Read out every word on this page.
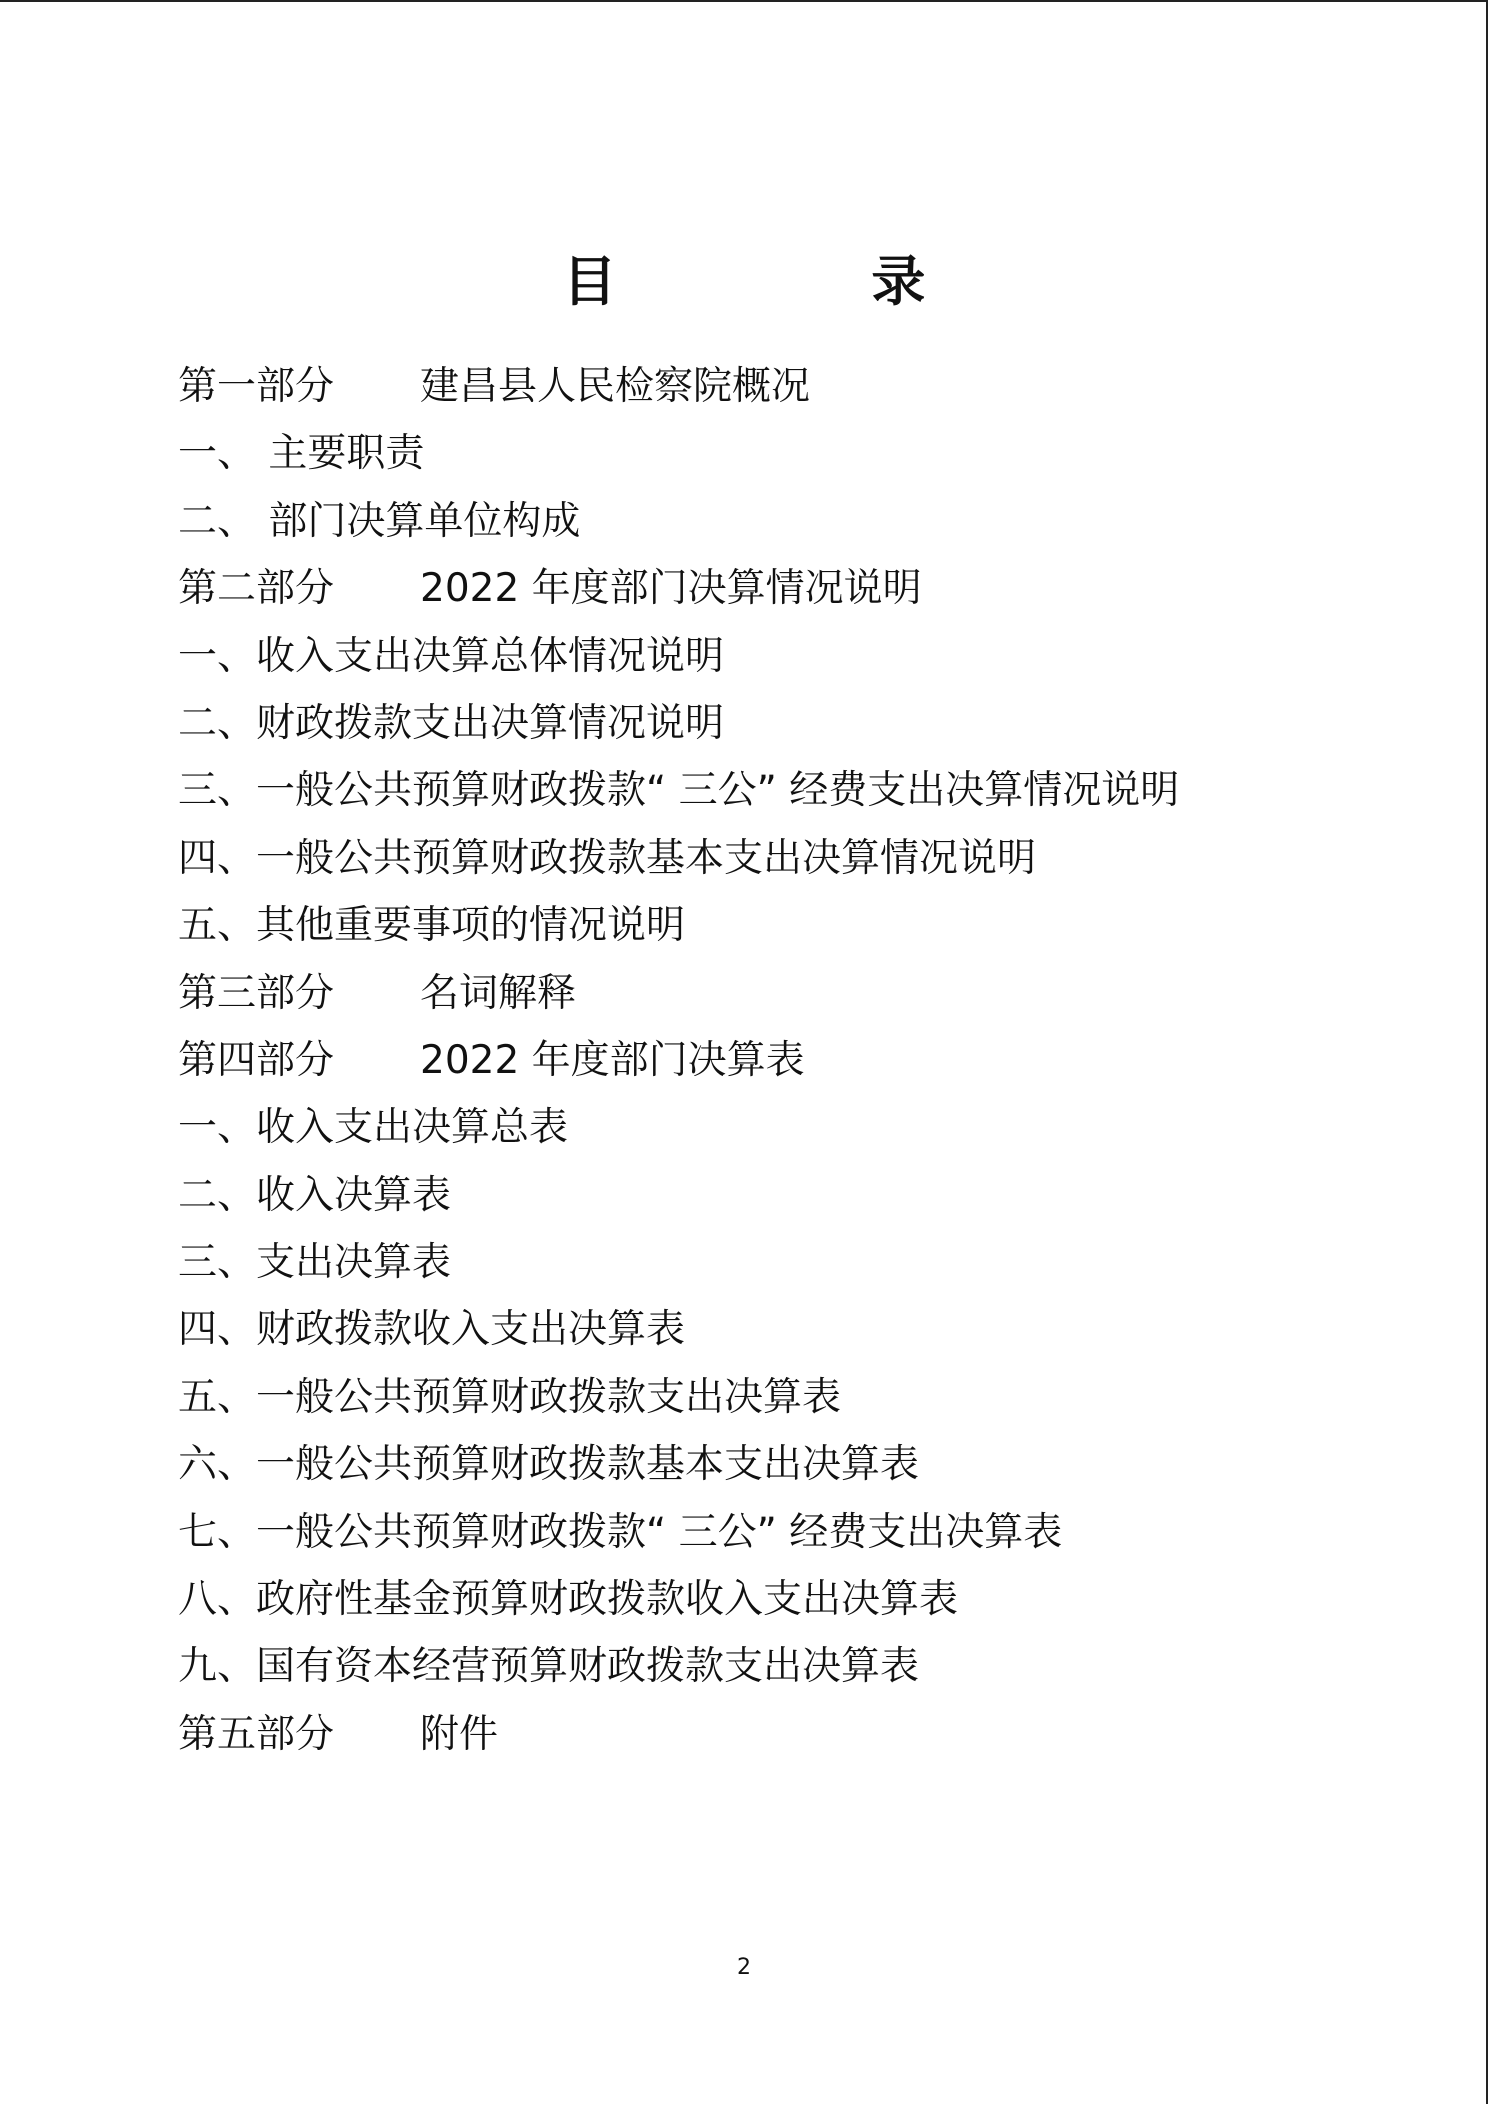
目 录
第一部分	建昌县人民检察院概况
一、 主要职责
二、 部门决算单位构成
第二部分	2022 年度部门决算情况说明
一、收入支出决算总体情况说明
二、财政拨款支出决算情况说明
三、一般公共预算财政拨款“ 三公” 经费支出决算情况说明
四、一般公共预算财政拨款基本支出决算情况说明
五、其他重要事项的情况说明
第三部分	名词解释
第四部分	2022 年度部门决算表
一、收入支出决算总表
二、收入决算表
三、支出决算表
四、财政拨款收入支出决算表
五、一般公共预算财政拨款支出决算表
六、一般公共预算财政拨款基本支出决算表
七、一般公共预算财政拨款“ 三公” 经费支出决算表
八、政府性基金预算财政拨款收入支出决算表
九、国有资本经营预算财政拨款支出决算表
第五部分	附件
2
